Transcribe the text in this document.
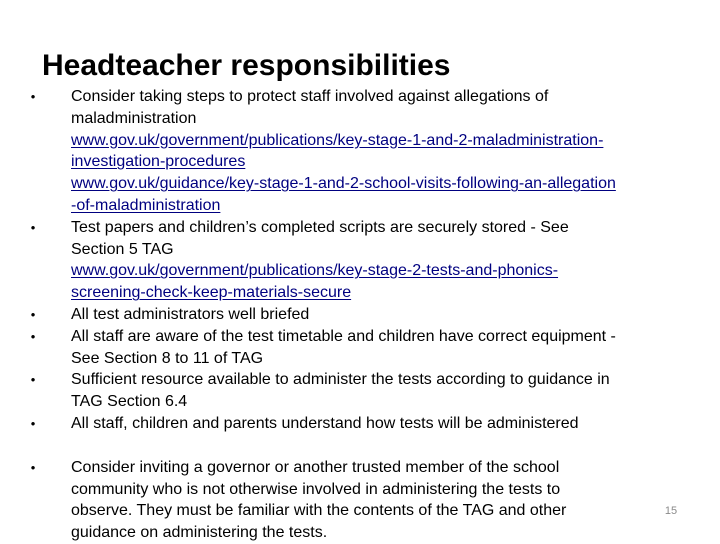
Headteacher responsibilities
• Consider taking steps to protect staff involved against allegations of
maladministration
www.gov.uk/government/publications/key-stage-1-and-2-maladministration-
investigation-procedures
www.gov.uk/guidance/key-stage-1-and-2-school-visits-following-an-allegation
-of-maladministration
• Test papers and children’s completed scripts are securely stored - See
Section 5 TAG
www.gov.uk/government/publications/key-stage-2-tests-and-phonics-
screening-check-keep-materials-secure
• All test administrators well briefed
• All staff are aware of the test timetable and children have correct equipment -
See Section 8 to 11 of TAG
• Sufficient resource available to administer the tests according to guidance in
TAG Section 6.4
• All staff, children and parents understand how tests will be administered
• Consider inviting a governor or another trusted member of the school
community who is not otherwise involved in administering the tests to
observe. They must be familiar with the contents of the TAG and other
guidance on administering the tests.
15
